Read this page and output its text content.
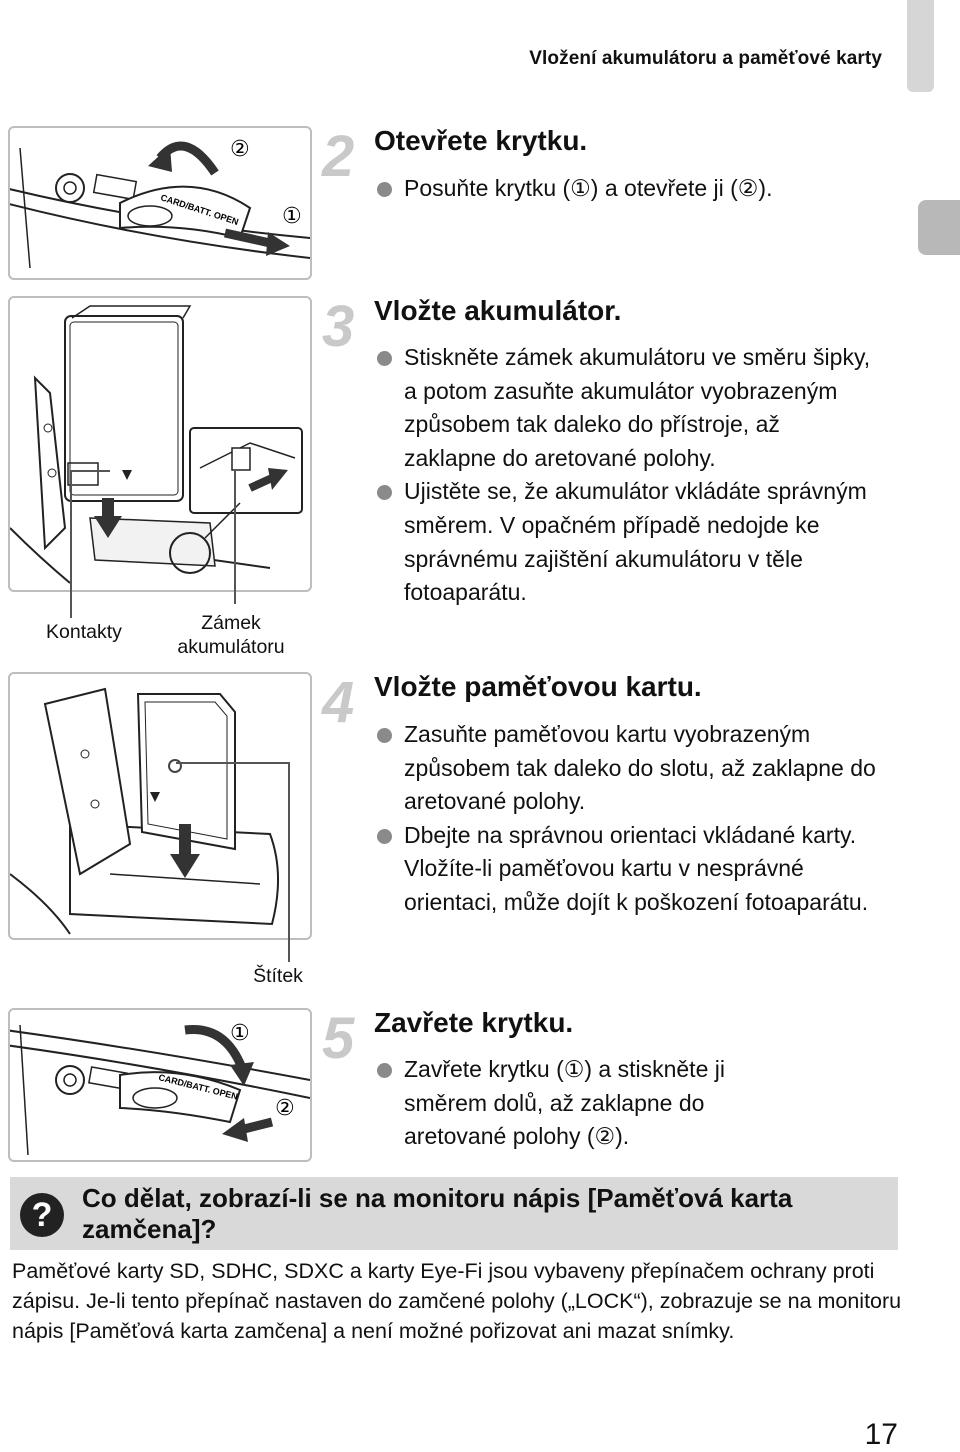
Vložení akumulátoru a paměťové karty
CARD/BATT. OPEN
②
①
Kontakty	Zámek akumulátoru
Štítek
CARD/BATT. OPEN
①
②
2 Otevřete krytku.
Posuňte krytku (①) a otevřete ji (②).
3 Vložte akumulátor.
Stiskněte zámek akumulátoru ve směru šipky, a potom zasuňte akumulátor vyobrazeným způsobem tak daleko do přístroje, až zaklapne do aretované polohy.
Ujistěte se, že akumulátor vkládáte správným směrem. V opačném případě nedojde ke správnému zajištění akumulátoru v těle fotoaparátu.
4 Vložte paměťovou kartu.
Zasuňte paměťovou kartu vyobrazeným způsobem tak daleko do slotu, až zaklapne do aretované polohy.
Dbejte na správnou orientaci vkládané karty. Vložíte-li paměťovou kartu v nesprávné orientaci, může dojít k poškození fotoaparátu.
5 Zavřete krytku.
Zavřete krytku (①) a stiskněte ji směrem dolů, až zaklapne do aretované polohy (②).
?	Co dělat, zobrazí-li se na monitoru nápis [Paměťová karta zamčena]?
Paměťové karty SD, SDHC, SDXC a karty Eye-Fi jsou vybaveny přepínačem ochrany proti zápisu. Je-li tento přepínač nastaven do zamčené polohy („LOCK“), zobrazuje se na monitoru nápis [Paměťová karta zamčena] a není možné pořizovat ani mazat snímky.
17
